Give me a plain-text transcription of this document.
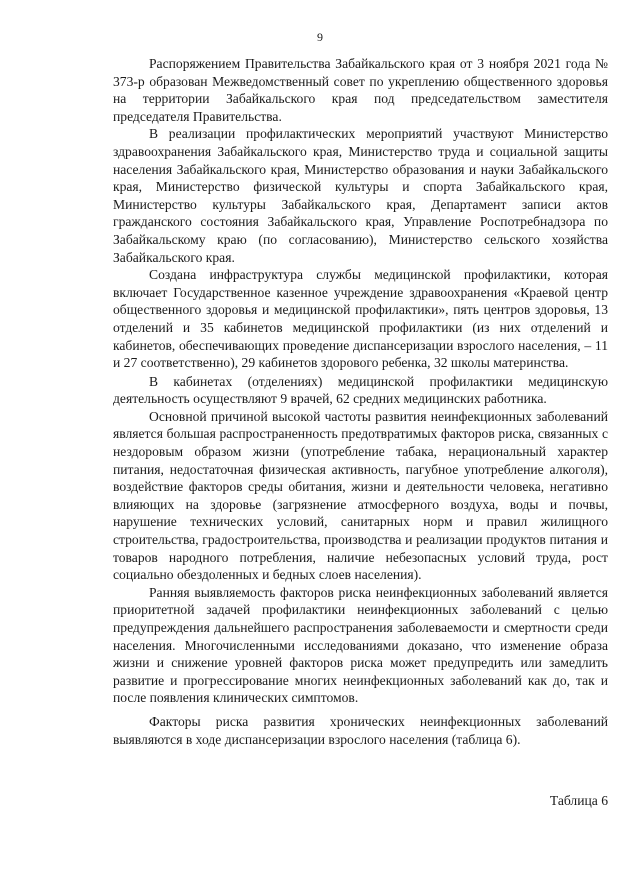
9

Распоряжением Правительства Забайкальского края от 3 ноября 2021 года № 373-р образован Межведомственный совет по укреплению общественного здоровья на территории Забайкальского края под председательством заместителя председателя Правительства.

В реализации профилактических мероприятий участвуют Министерство здравоохранения Забайкальского края, Министерство труда и социальной защиты населения Забайкальского края, Министерство образования и науки Забайкальского края, Министерство физической культуры и спорта Забайкальского края, Министерство культуры Забайкальского края, Департамент записи актов гражданского состояния Забайкальского края, Управление Роспотребнадзора по Забайкальскому краю (по согласованию), Министерство сельского хозяйства Забайкальского края.

Создана инфраструктура службы медицинской профилактики, которая включает Государственное казенное учреждение здравоохранения «Краевой центр общественного здоровья и медицинской профилактики», пять центров здоровья, 13 отделений и 35 кабинетов медицинской профилактики (из них отделений и кабинетов, обеспечивающих проведение диспансеризации взрослого населения, – 11 и 27 соответственно), 29 кабинетов здорового ребенка, 32 школы материнства.

В кабинетах (отделениях) медицинской профилактики медицинскую деятельность осуществляют 9 врачей, 62 средних медицинских работника.

Основной причиной высокой частоты развития неинфекционных заболеваний является большая распространенность предотвратимых факторов риска, связанных с нездоровым образом жизни (употребление табака, нерациональный характер питания, недостаточная физическая активность, пагубное употребление алкоголя), воздействие факторов среды обитания, жизни и деятельности человека, негативно влияющих на здоровье (загрязнение атмосферного воздуха, воды и почвы, нарушение технических условий, санитарных норм и правил жилищного строительства, градостроительства, производства и реализации продуктов питания и товаров народного потребления, наличие небезопасных условий труда, рост социально обездоленных и бедных слоев населения).

Ранняя выявляемость факторов риска неинфекционных заболеваний является приоритетной задачей профилактики неинфекционных заболеваний с целью предупреждения дальнейшего распространения заболеваемости и смертности среди населения. Многочисленными исследованиями доказано, что изменение образа жизни и снижение уровней факторов риска может предупредить или замедлить развитие и прогрессирование многих неинфекционных заболеваний как до, так и после появления клинических симптомов.

Факторы риска развития хронических неинфекционных заболеваний выявляются в ходе диспансеризации взрослого населения (таблица 6).

Таблица 6
